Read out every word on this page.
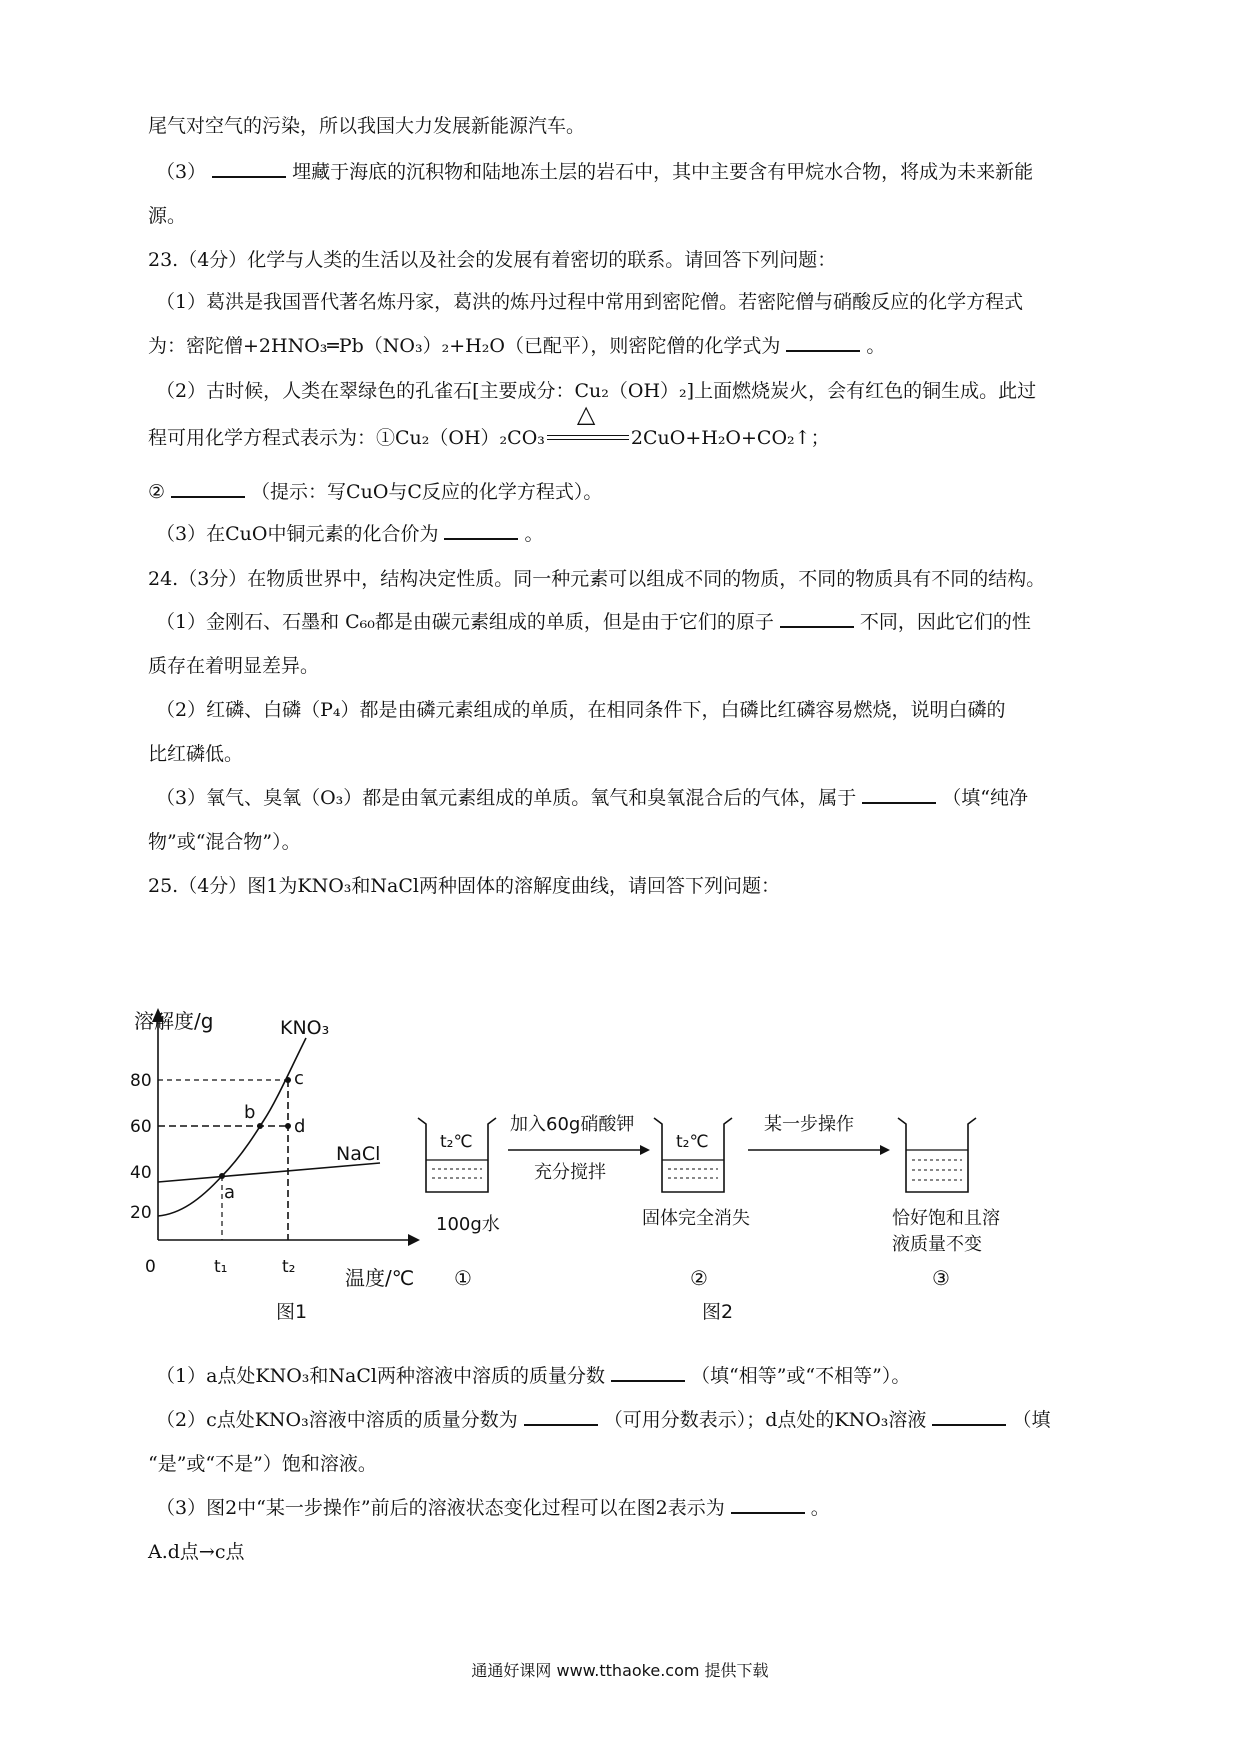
尾气对空气的污染，所以我国大力发展新能源汽车。
（3）	埋藏于海底的沉积物和陆地冻土层的岩石中，其中主要含有甲烷水合物，将成为未来新能
源。
23.（4分）化学与人类的生活以及社会的发展有着密切的联系。请回答下列问题：
（1）葛洪是我国晋代著名炼丹家，葛洪的炼丹过程中常用到密陀僧。若密陀僧与硝酸反应的化学方程式
为：密陀僧+2HNO₃═Pb（NO₃）₂+H₂O（已配平），则密陀僧的化学式为	。
（2）古时候，人类在翠绿色的孔雀石[主要成分：Cu₂（OH）₂]上面燃烧炭火，会有红色的铜生成。此过
程可用化学方程式表示为：①Cu₂（OH）₂CO₃
△
2CuO+H₂O+CO₂↑；
②	（提示：写CuO与C反应的化学方程式）。
（3）在CuO中铜元素的化合价为	。
24.（3分）在物质世界中，结构决定性质。同一种元素可以组成不同的物质，不同的物质具有不同的结构。
（1）金刚石、石墨和 C₆₀都是由碳元素组成的单质，但是由于它们的原子	不同，因此它们的性
质存在着明显差异。
（2）红磷、白磷（P₄）都是由磷元素组成的单质，在相同条件下，白磷比红磷容易燃烧，说明白磷的
比红磷低。
（3）氧气、臭氧（O₃）都是由氧元素组成的单质。氧气和臭氧混合后的气体，属于	（填“纯净
物”或“混合物”）。
25.（4分）图1为KNO₃和NaCl两种固体的溶解度曲线，请回答下列问题：
溶解度/g
温度/℃
80
60
40
20
0	t₁	t₂
KNO₃
NaCl
a
b
c
d
图1
t₂℃
100g水
①
加入60g硝酸钾
充分搅拌
t₂℃
固体完全消失
②
图2
某一步操作
恰好饱和且溶
液质量不变
③
（1）a点处KNO₃和NaCl两种溶液中溶质的质量分数	（填“相等”或“不相等”）。
（2）c点处KNO₃溶液中溶质的质量分数为	（可用分数表示）；d点处的KNO₃溶液	（填
“是”或“不是”）饱和溶液。
（3）图2中“某一步操作”前后的溶液状态变化过程可以在图2表示为	。
A.d点→c点
通通好课网 www.tthaoke.com 提供下载
